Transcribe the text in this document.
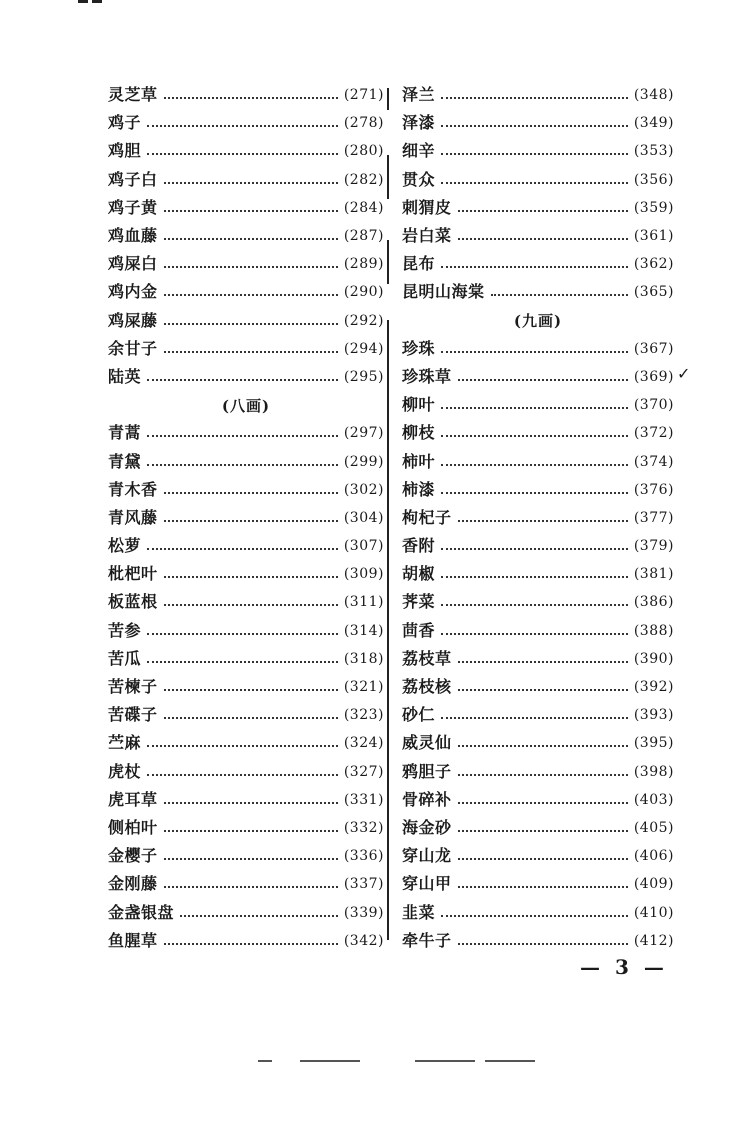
灵芝草	(271)
鸡子	(278)
鸡胆	(280)
鸡子白	(282)
鸡子黄	(284)
鸡血藤	(287)
鸡屎白	(289)
鸡内金	(290)
鸡屎藤	(292)
余甘子	(294)
陆英	(295)
(八画)
青蒿	(297)
青黛	(299)
青木香	(302)
青风藤	(304)
松萝	(307)
枇杷叶	(309)
板蓝根	(311)
苦参	(314)
苦瓜	(318)
苦楝子	(321)
苦碟子	(323)
苎麻	(324)
虎杖	(327)
虎耳草	(331)
侧柏叶	(332)
金樱子	(336)
金刚藤	(337)
金盏银盘	(339)
鱼腥草	(342)
泽兰	(348)
泽漆	(349)
细辛	(353)
贯众	(356)
刺猬皮	(359)
岩白菜	(361)
昆布	(362)
昆明山海棠	(365)
(九画)
珍珠	(367)
珍珠草	(369)
柳叶	(370)
柳枝	(372)
柿叶	(374)
柿漆	(376)
枸杞子	(377)
香附	(379)
胡椒	(381)
荠菜	(386)
茴香	(388)
荔枝草	(390)
荔枝核	(392)
砂仁	(393)
威灵仙	(395)
鸦胆子	(398)
骨碎补	(403)
海金砂	(405)
穿山龙	(406)
穿山甲	(409)
韭菜	(410)
牵牛子	(412)
✓
— 3 —
